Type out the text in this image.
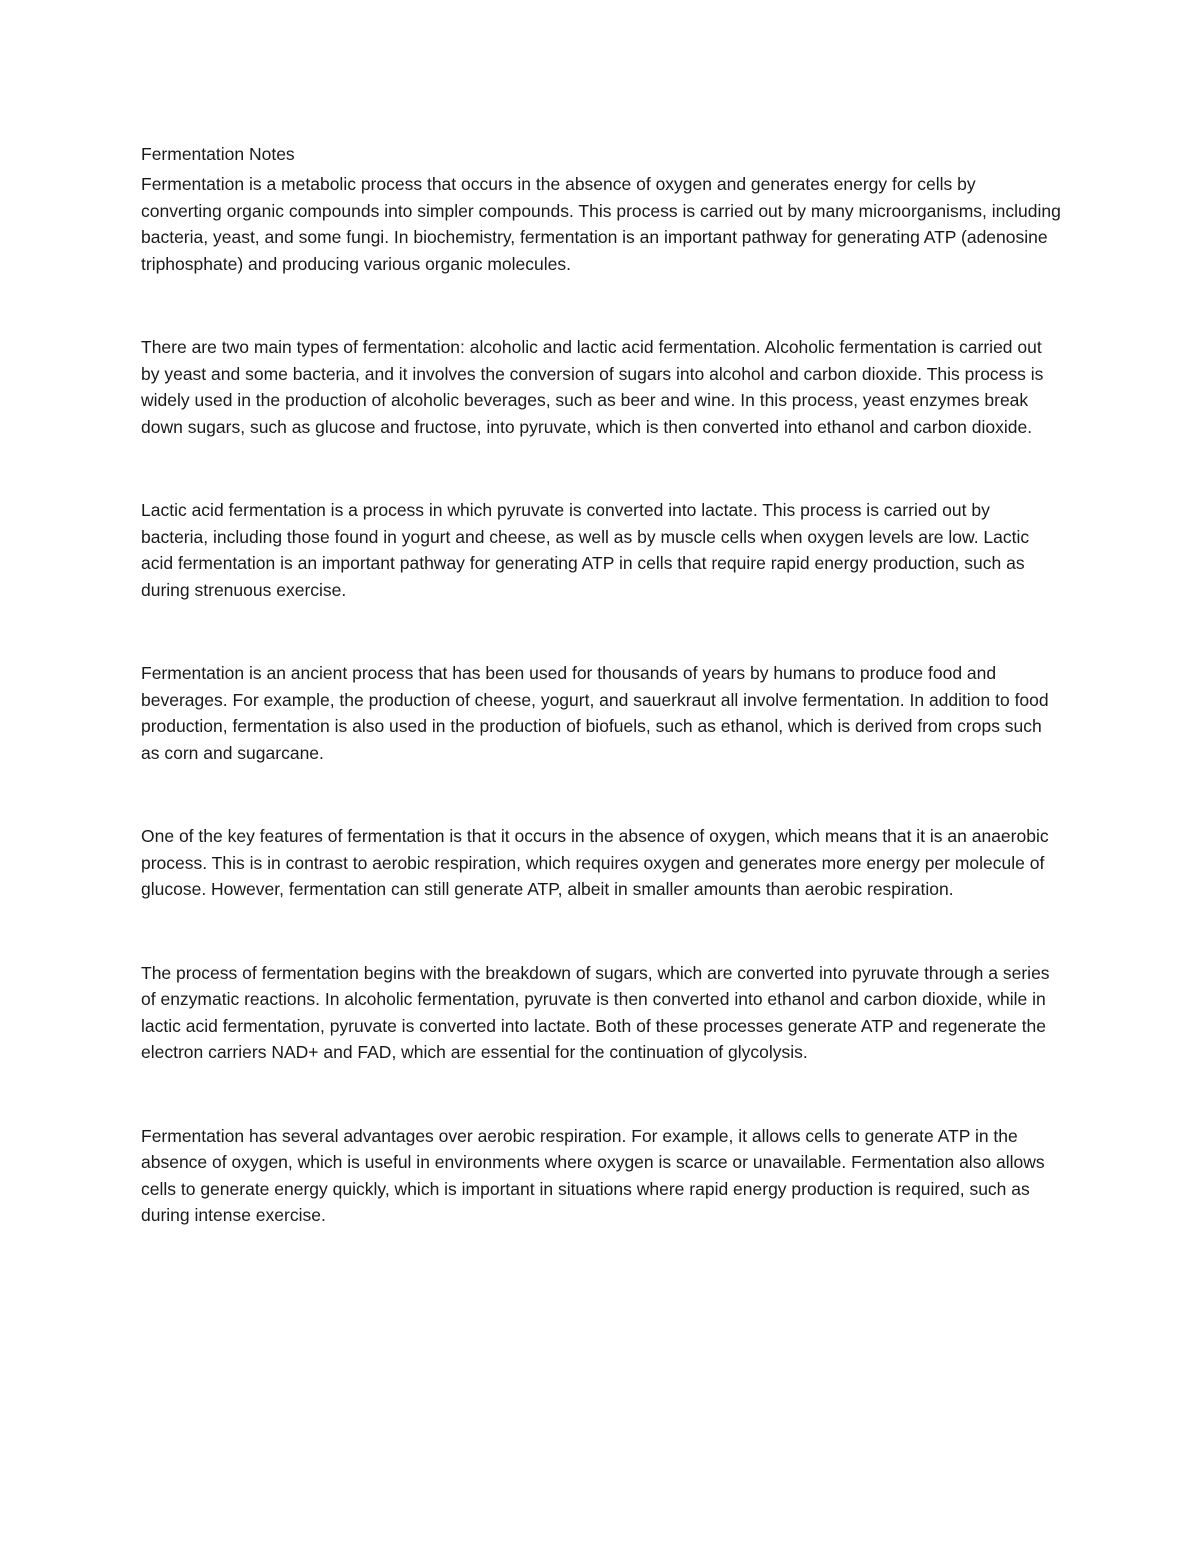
Fermentation Notes

Fermentation is a metabolic process that occurs in the absence of oxygen and generates energy for cells by converting organic compounds into simpler compounds. This process is carried out by many microorganisms, including bacteria, yeast, and some fungi. In biochemistry, fermentation is an important pathway for generating ATP (adenosine triphosphate) and producing various organic molecules.

There are two main types of fermentation: alcoholic and lactic acid fermentation. Alcoholic fermentation is carried out by yeast and some bacteria, and it involves the conversion of sugars into alcohol and carbon dioxide. This process is widely used in the production of alcoholic beverages, such as beer and wine. In this process, yeast enzymes break down sugars, such as glucose and fructose, into pyruvate, which is then converted into ethanol and carbon dioxide.

Lactic acid fermentation is a process in which pyruvate is converted into lactate. This process is carried out by bacteria, including those found in yogurt and cheese, as well as by muscle cells when oxygen levels are low. Lactic acid fermentation is an important pathway for generating ATP in cells that require rapid energy production, such as during strenuous exercise.

Fermentation is an ancient process that has been used for thousands of years by humans to produce food and beverages. For example, the production of cheese, yogurt, and sauerkraut all involve fermentation. In addition to food production, fermentation is also used in the production of biofuels, such as ethanol, which is derived from crops such as corn and sugarcane.

One of the key features of fermentation is that it occurs in the absence of oxygen, which means that it is an anaerobic process. This is in contrast to aerobic respiration, which requires oxygen and generates more energy per molecule of glucose. However, fermentation can still generate ATP, albeit in smaller amounts than aerobic respiration.

The process of fermentation begins with the breakdown of sugars, which are converted into pyruvate through a series of enzymatic reactions. In alcoholic fermentation, pyruvate is then converted into ethanol and carbon dioxide, while in lactic acid fermentation, pyruvate is converted into lactate. Both of these processes generate ATP and regenerate the electron carriers NAD+ and FAD, which are essential for the continuation of glycolysis.

Fermentation has several advantages over aerobic respiration. For example, it allows cells to generate ATP in the absence of oxygen, which is useful in environments where oxygen is scarce or unavailable. Fermentation also allows cells to generate energy quickly, which is important in situations where rapid energy production is required, such as during intense exercise.
